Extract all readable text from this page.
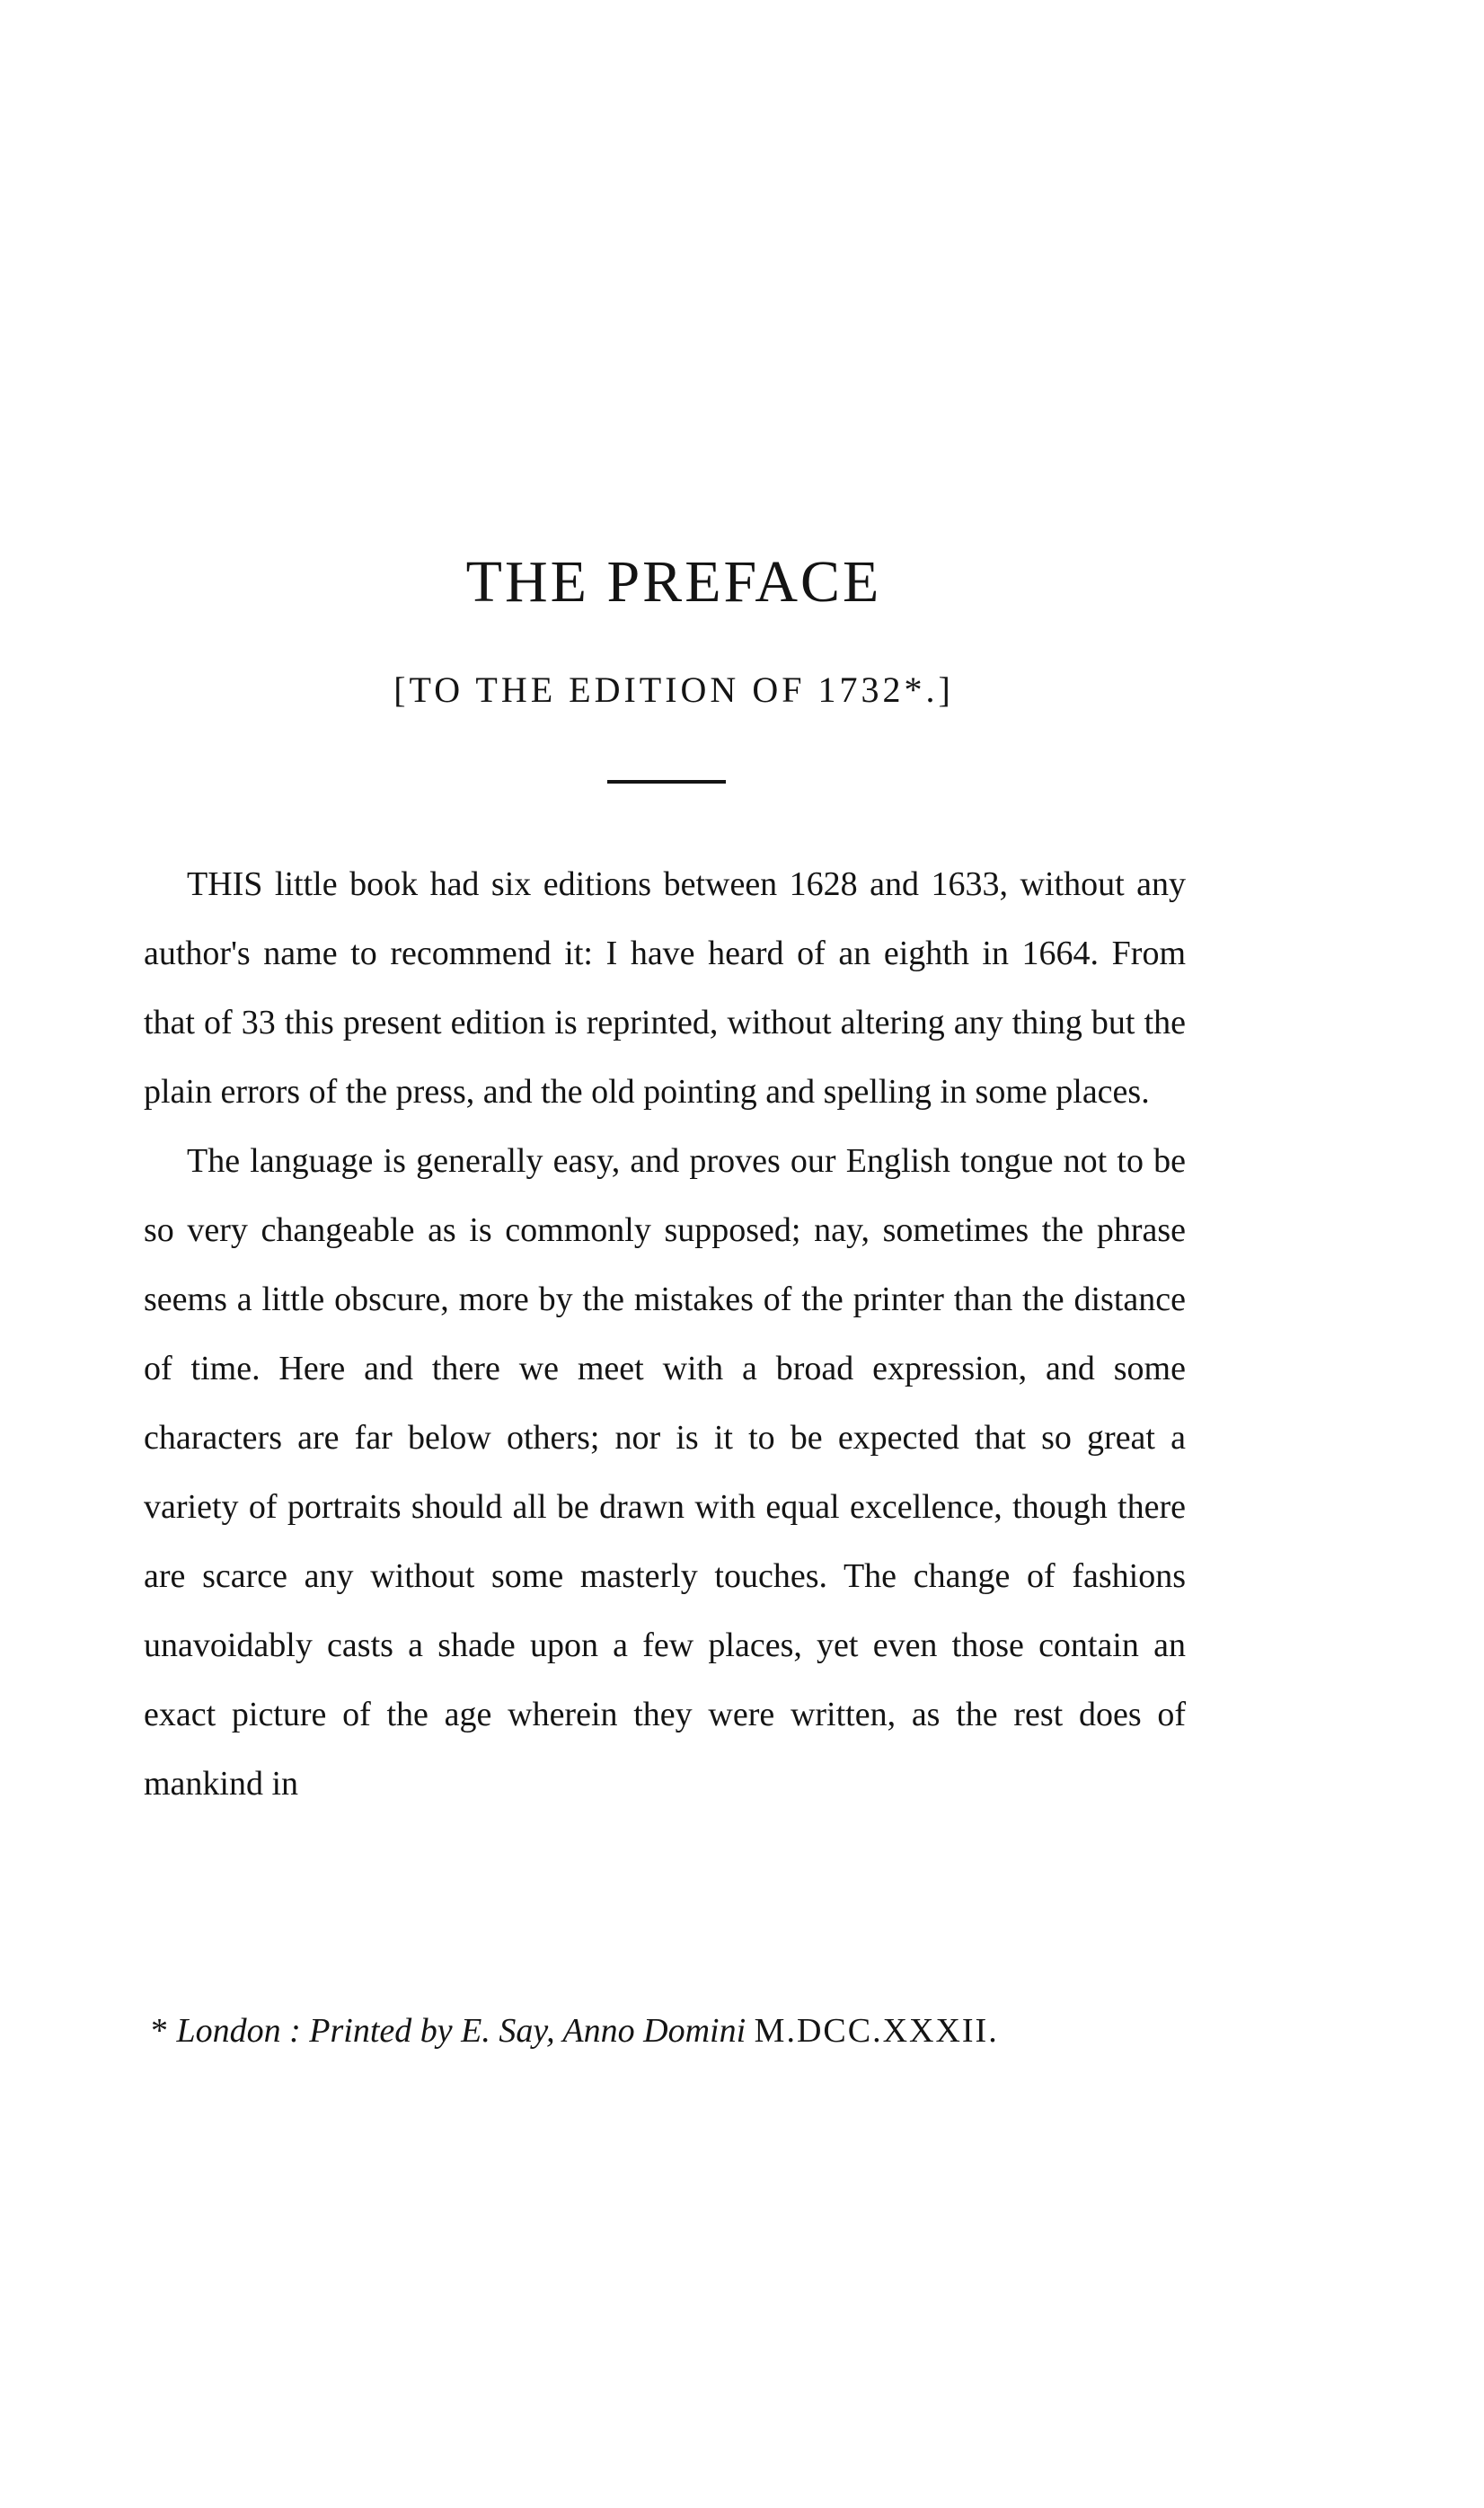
THE PREFACE
[TO THE EDITION OF 1732*.]

THIS little book had six editions between 1628 and 1633, without any author's name to recommend it: I have heard of an eighth in 1664. From that of 33 this present edition is reprinted, without altering any thing but the plain errors of the press, and the old pointing and spelling in some places.

The language is generally easy, and proves our English tongue not to be so very changeable as is commonly supposed; nay, sometimes the phrase seems a little obscure, more by the mistakes of the printer than the distance of time. Here and there we meet with a broad expression, and some characters are far below others; nor is it to be expected that so great a variety of portraits should all be drawn with equal excellence, though there are scarce any without some masterly touches. The change of fashions unavoidably casts a shade upon a few places, yet even those contain an exact picture of the age wherein they were written, as the rest does of mankind in

* London : Printed by E. Say, Anno Domini M.DCC.XXXII.
